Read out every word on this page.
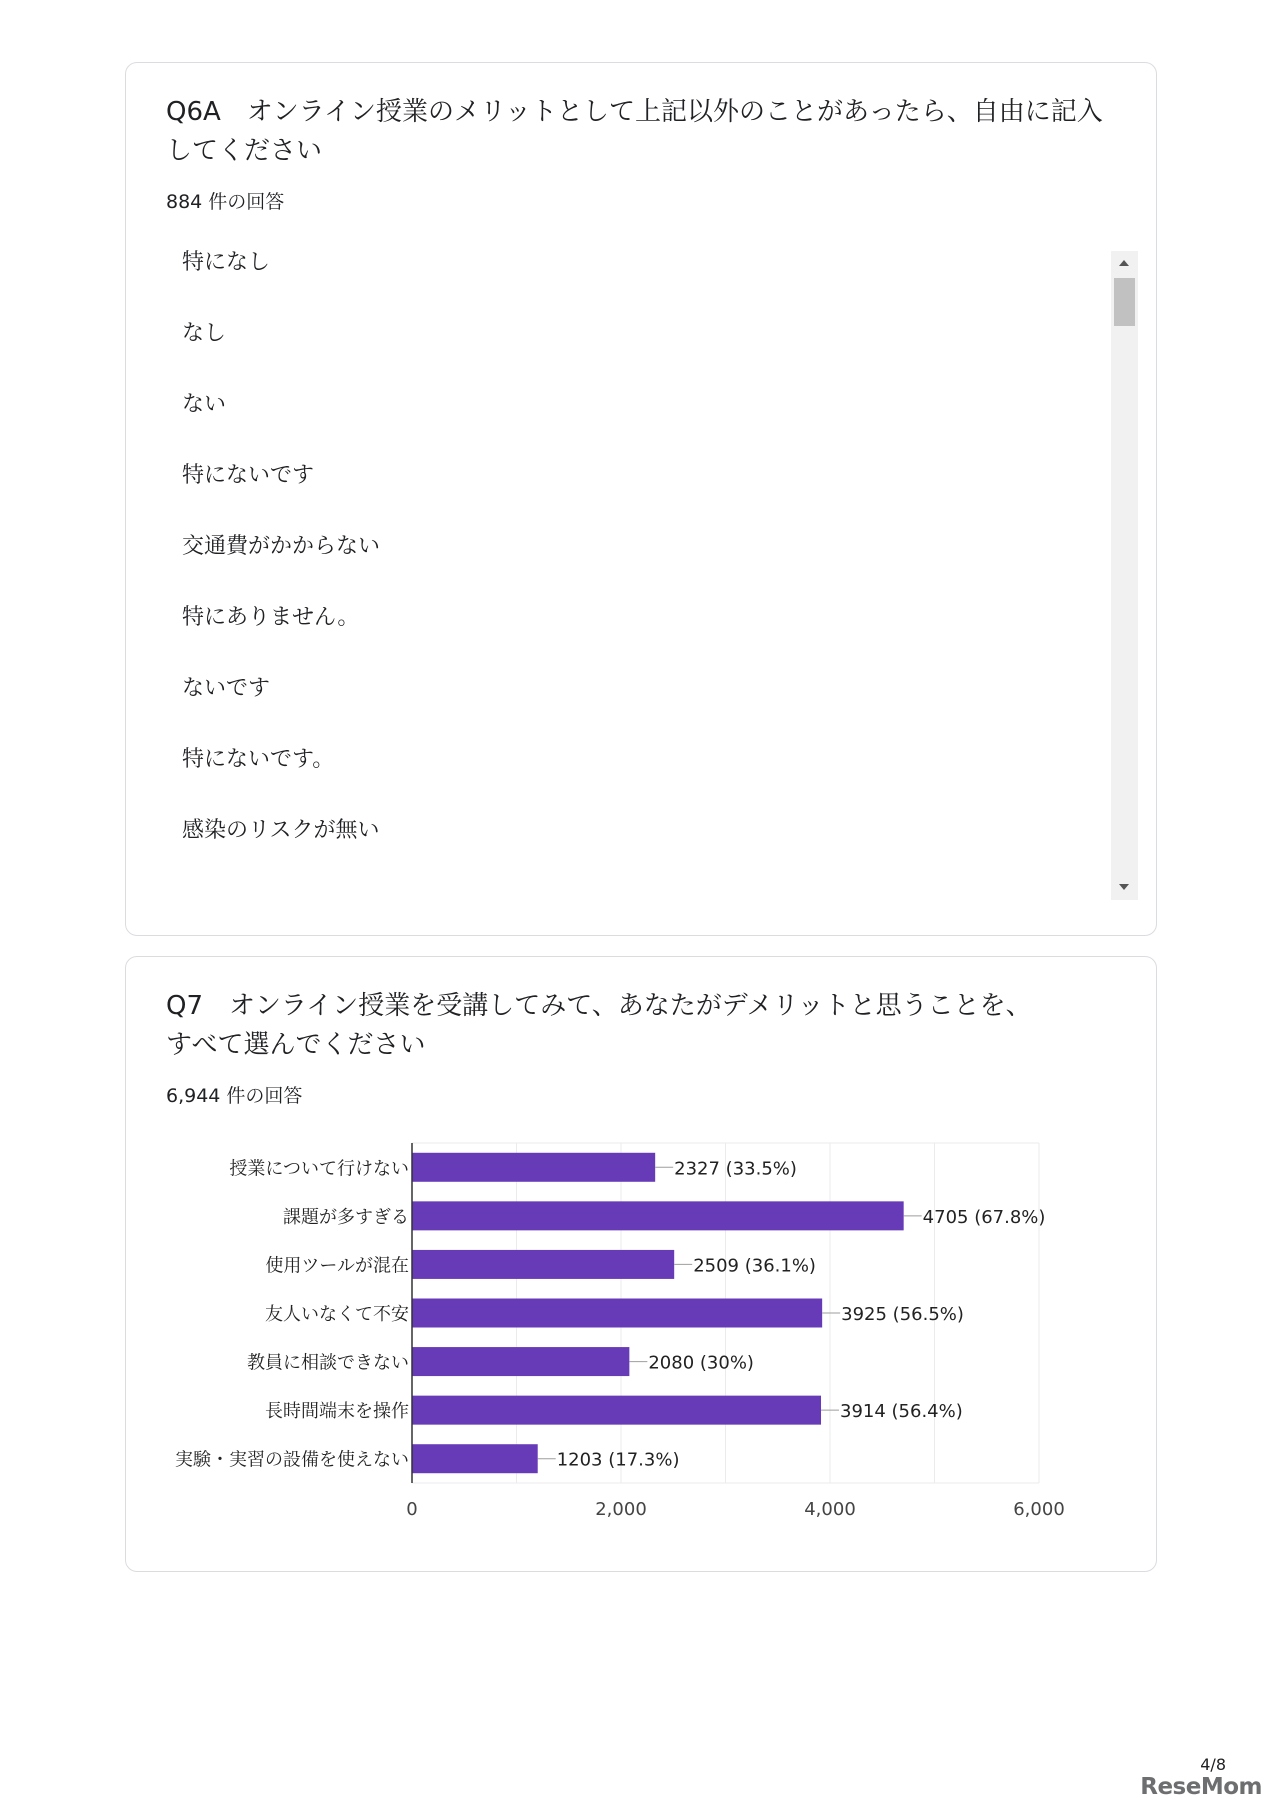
Q6A　オンライン授業のメリットとして上記以外のことがあったら、自由に記入
してください
884 件の回答
特になし
なし
ない
特にないです
交通費がかからない
特にありません。
ないです
特にないです。
感染のリスクが無い
Q7　オンライン授業を受講してみて、あなたがデメリットと思うことを、
すべて選んでください
6,944 件の回答
授業について行けない	2327 (33.5%)
課題が多すぎる	4705 (67.8%)
使用ツールが混在	2509 (36.1%)
友人いなくて不安	3925 (56.5%)
教員に相談できない	2080 (30%)
長時間端末を操作	3914 (56.4%)
実験・実習の設備を使えない	1203 (17.3%)
0	2,000	4,000	6,000
4/8
ReseMom
